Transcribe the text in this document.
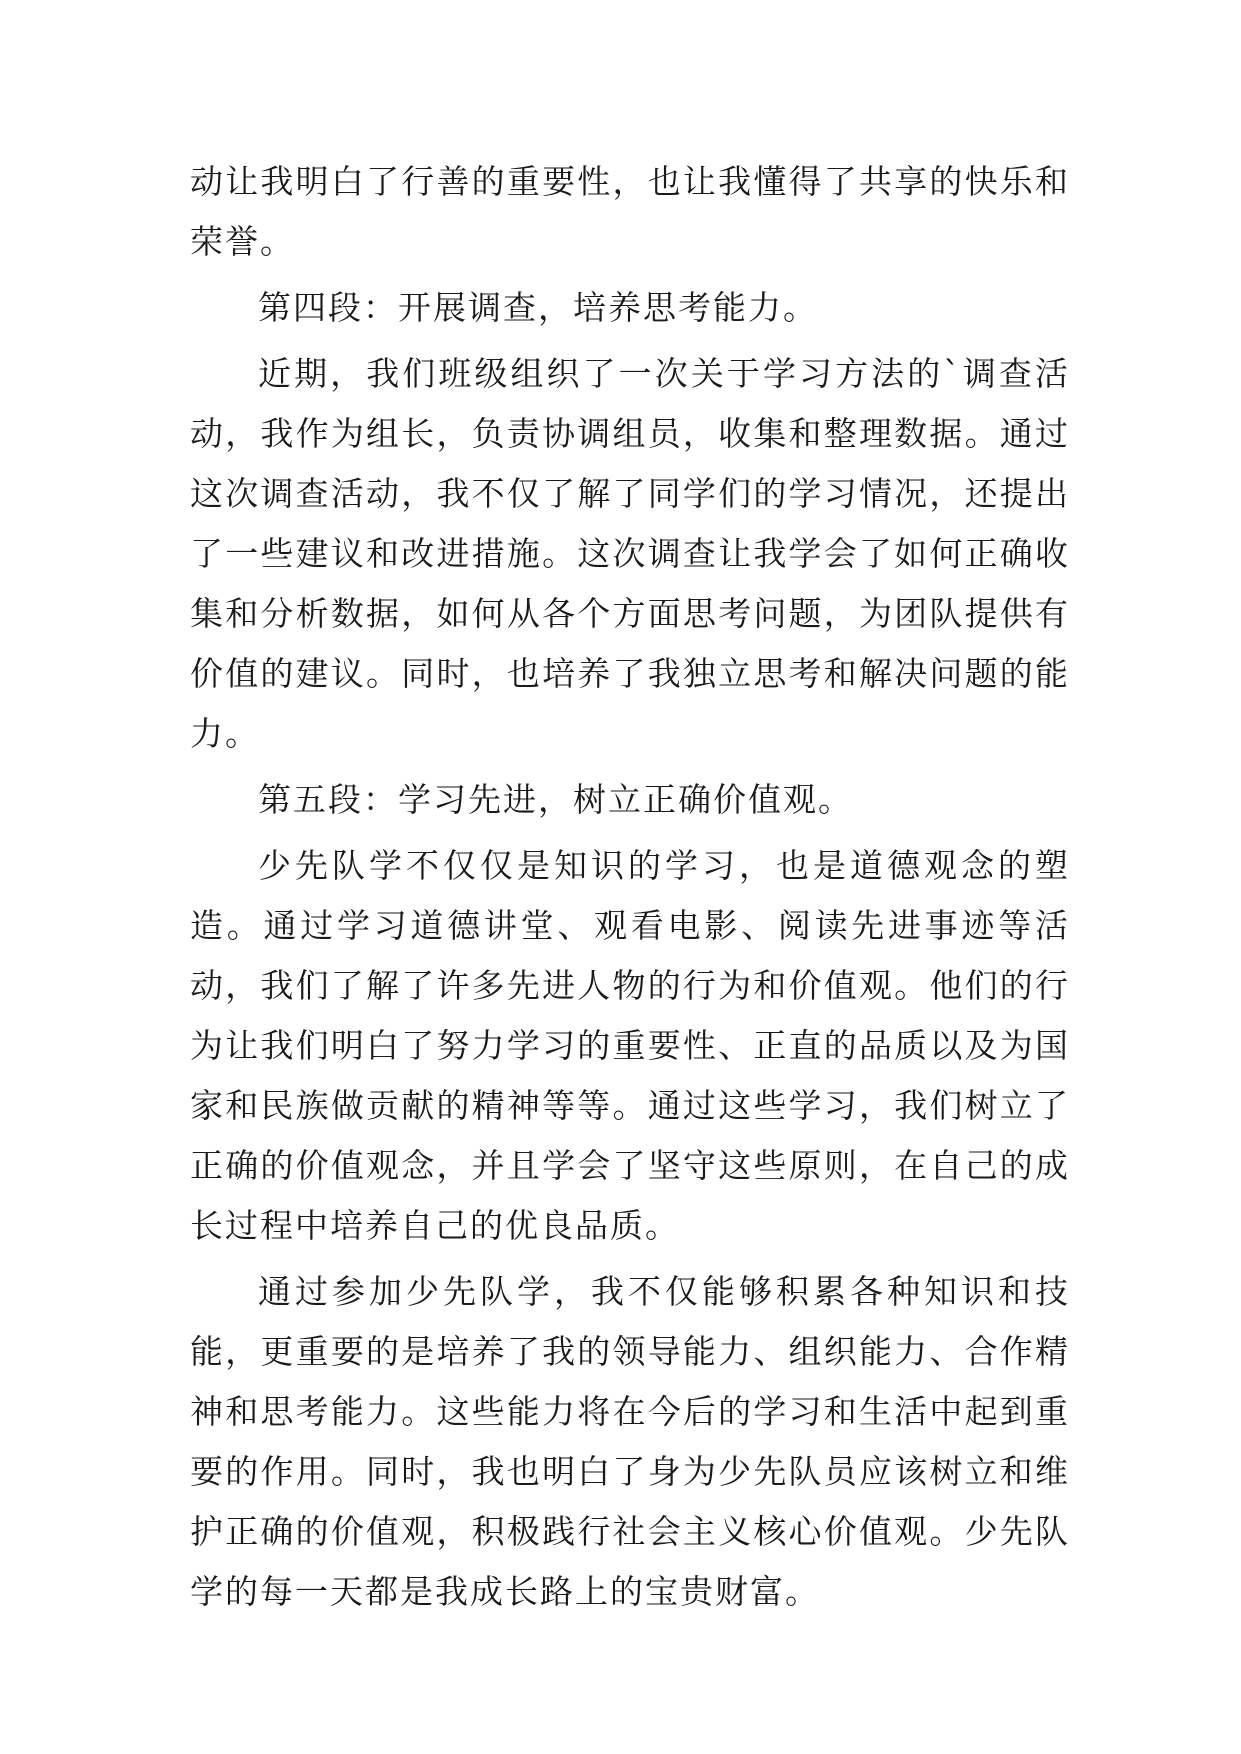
动让我明白了行善的重要性，也让我懂得了共享的快乐和荣誉。

第四段：开展调查，培养思考能力。

近期，我们班级组织了一次关于学习方法的`调查活动，我作为组长，负责协调组员，收集和整理数据。通过这次调查活动，我不仅了解了同学们的学习情况，还提出了一些建议和改进措施。这次调查让我学会了如何正确收集和分析数据，如何从各个方面思考问题，为团队提供有价值的建议。同时，也培养了我独立思考和解决问题的能力。

第五段：学习先进，树立正确价值观。

少先队学不仅仅是知识的学习，也是道德观念的塑造。通过学习道德讲堂、观看电影、阅读先进事迹等活动，我们了解了许多先进人物的行为和价值观。他们的行为让我们明白了努力学习的重要性、正直的品质以及为国家和民族做贡献的精神等等。通过这些学习，我们树立了正确的价值观念，并且学会了坚守这些原则，在自己的成长过程中培养自己的优良品质。

通过参加少先队学，我不仅能够积累各种知识和技能，更重要的是培养了我的领导能力、组织能力、合作精神和思考能力。这些能力将在今后的学习和生活中起到重要的作用。同时，我也明白了身为少先队员应该树立和维护正确的价值观，积极践行社会主义核心价值观。少先队学的每一天都是我成长路上的宝贵财富。
